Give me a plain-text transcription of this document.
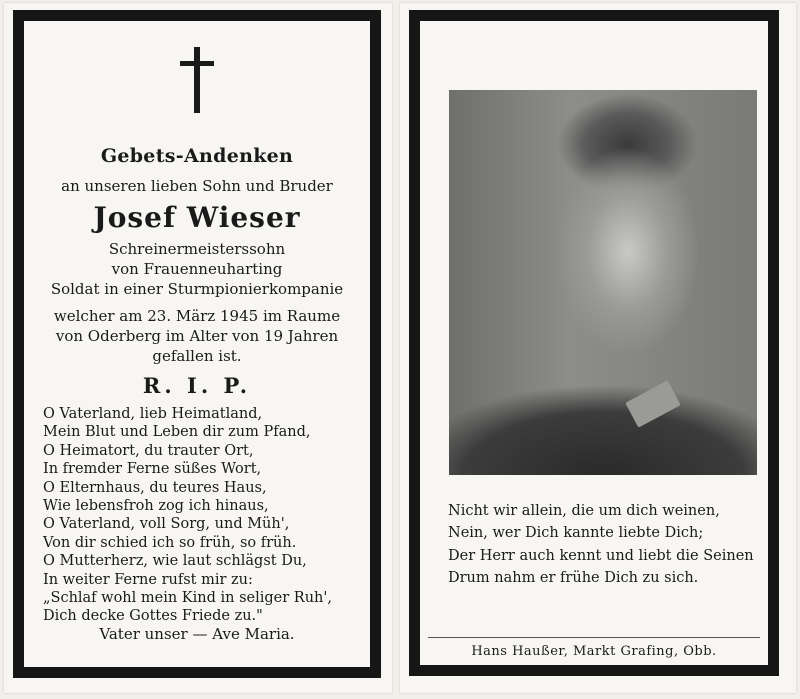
Gebets-Andenken
an unseren lieben Sohn und Bruder
Josef Wieser
Schreinermeisterssohn
von Frauenneuharting
Soldat in einer Sturmpionierkompanie
welcher am 23. März 1945 im Raume
von Oderberg im Alter von 19 Jahren
gefallen ist.
R. I. P.
O Vaterland, lieb Heimatland,
Mein Blut und Leben dir zum Pfand,
O Heimatort, du trauter Ort,
In fremder Ferne süßes Wort,
O Elternhaus, du teures Haus,
Wie lebensfroh zog ich hinaus,
O Vaterland, voll Sorg, und Müh',
Von dir schied ich so früh, so früh.
O Mutterherz, wie laut schlägst Du,
In weiter Ferne rufst mir zu:
„Schlaf wohl mein Kind in seliger Ruh',
Dich decke Gottes Friede zu."
Vater unser — Ave Maria.
Nicht wir allein, die um dich weinen,
Nein, wer Dich kannte liebte Dich;
Der Herr auch kennt und liebt die Seinen
Drum nahm er frühe Dich zu sich.
Hans Haußer, Markt Grafing, Obb.
